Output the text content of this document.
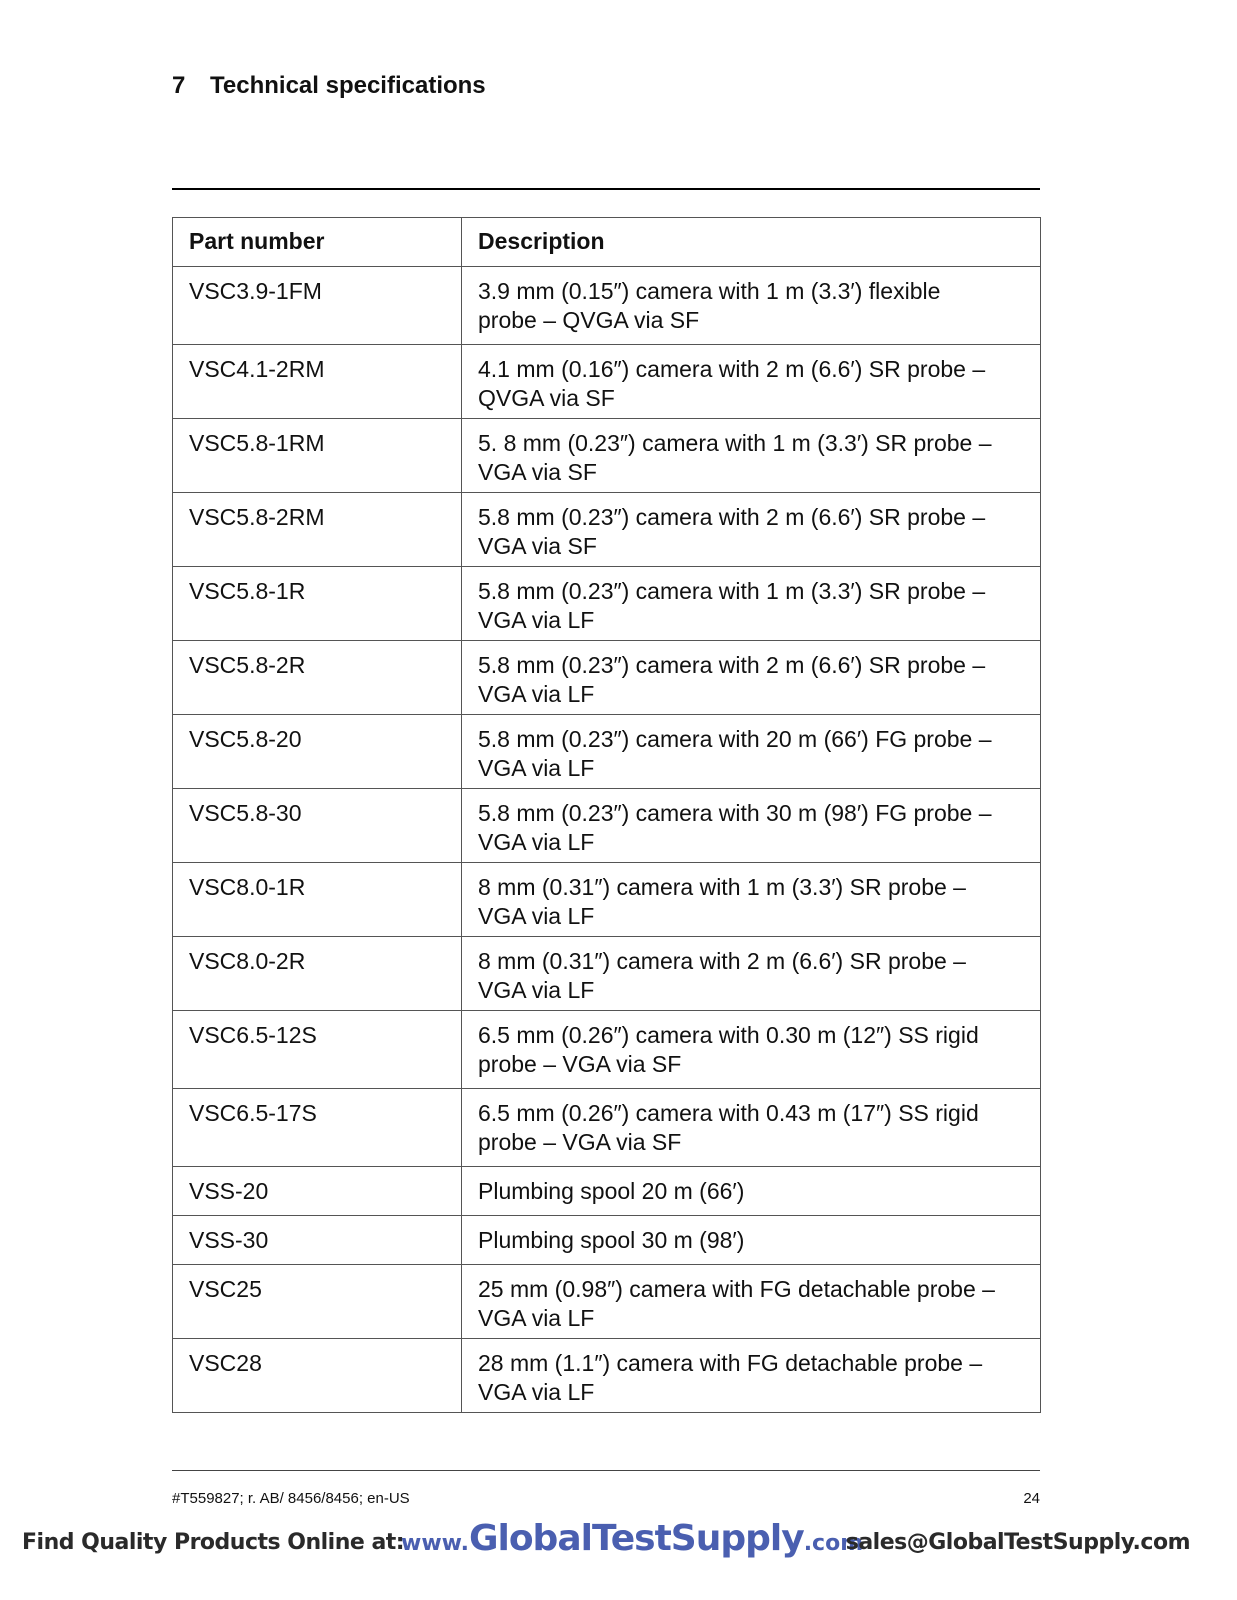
7 Technical specifications
Part number	Description
VSC3.9-1FM	3.9 mm (0.15″) camera with 1 m (3.3′) flexible
probe – QVGA via SF

VSC4.1-2RM	4.1 mm (0.16″) camera with 2 m (6.6′) SR probe –
QVGA via SF

VSC5.8-1RM	5. 8 mm (0.23″) camera with 1 m (3.3′) SR probe –
VGA via SF

VSC5.8-2RM	5.8 mm (0.23″) camera with 2 m (6.6′) SR probe –
VGA via SF

VSC5.8-1R	5.8 mm (0.23″) camera with 1 m (3.3′) SR probe –
VGA via LF

VSC5.8-2R	5.8 mm (0.23″) camera with 2 m (6.6′) SR probe –
VGA via LF

VSC5.8-20	5.8 mm (0.23″) camera with 20 m (66′) FG probe –
VGA via LF

VSC5.8-30	5.8 mm (0.23″) camera with 30 m (98′) FG probe –
VGA via LF

VSC8.0-1R	8 mm (0.31″) camera with 1 m (3.3′) SR probe –
VGA via LF

VSC8.0-2R	8 mm (0.31″) camera with 2 m (6.6′) SR probe –
VGA via LF

VSC6.5-12S	6.5 mm (0.26″) camera with 0.30 m (12″) SS rigid
probe – VGA via SF

VSC6.5-17S	6.5 mm (0.26″) camera with 0.43 m (17″) SS rigid
probe – VGA via SF

VSS-20	Plumbing spool 20 m (66′)

VSS-30	Plumbing spool 30 m (98′)

VSC25	25 mm (0.98″) camera with FG detachable probe –
VGA via LF

VSC28	28 mm (1.1″) camera with FG detachable probe –
VGA via LF
#T559827; r. AB/ 8456/8456; en-US	24
Find Quality Products Online at:
www.GlobalTestSupply.com
sales@GlobalTestSupply.com
